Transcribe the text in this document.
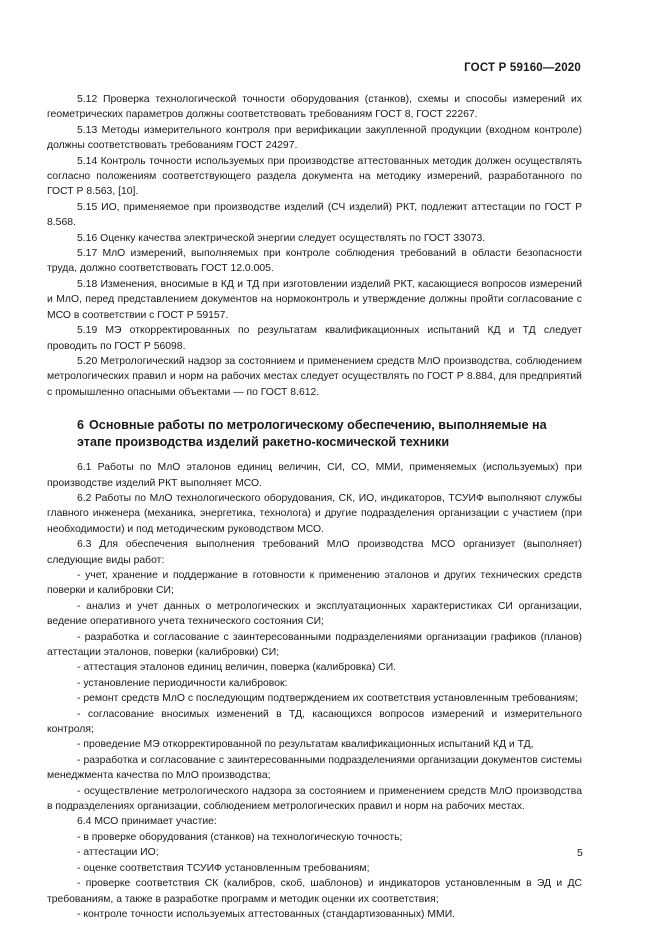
ГОСТ Р 59160—2020

5.12 Проверка технологической точности оборудования (станков), схемы и способы измерений их геометрических параметров должны соответствовать требованиям ГОСТ 8, ГОСТ 22267.

5.13 Методы измерительного контроля при верификации закупленной продукции (входном контроле) должны соответствовать требованиям ГОСТ 24297.

5.14 Контроль точности используемых при производстве аттестованных методик должен осуществлять согласно положениям соответствующего раздела документа на методику измерений, разработанного по ГОСТ Р 8.563, [10].

5.15 ИО, применяемое при производстве изделий (СЧ изделий) РКТ, подлежит аттестации по ГОСТ Р 8.568.

5.16 Оценку качества электрической энергии следует осуществлять по ГОСТ 33073.

5.17 МлО измерений, выполняемых при контроле соблюдения требований в области безопасности труда, должно соответствовать ГОСТ 12.0.005.

5.18 Изменения, вносимые в КД и ТД при изготовлении изделий РКТ, касающиеся вопросов измерений и МлО, перед представлением документов на нормоконтроль и утверждение должны пройти согласование с МСО в соответствии с ГОСТ Р 59157.

5.19 МЭ откорректированных по результатам квалификационных испытаний КД и ТД следует проводить по ГОСТ Р 56098.

5.20 Метрологический надзор за состоянием и применением средств МлО производства, соблюдением метрологических правил и норм на рабочих местах следует осуществлять по ГОСТ Р 8.884, для предприятий с промышленно опасными объектами — по ГОСТ 8.612.

6 Основные работы по метрологическому обеспечению, выполняемые на этапе производства изделий ракетно-космической техники

6.1 Работы по МлО эталонов единиц величин, СИ, СО, ММИ, применяемых (используемых) при производстве изделий РКТ выполняет МСО.

6.2 Работы по МлО технологического оборудования, СК, ИО, индикаторов, ТСУИФ выполняют службы главного инженера (механика, энергетика, технолога) и другие подразделения организации с участием (при необходимости) и под методическим руководством МСО.

6.3 Для обеспечения выполнения требований МлО производства МСО организует (выполняет) следующие виды работ:

- учет, хранение и поддержание в готовности к применению эталонов и других технических средств поверки и калибровки СИ;

- анализ и учет данных о метрологических и эксплуатационных характеристиках СИ организации, ведение оперативного учета технического состояния СИ;

- разработка и согласование с заинтересованными подразделениями организации графиков (планов) аттестации эталонов, поверки (калибровки) СИ;

- аттестация эталонов единиц величин, поверка (калибровка) СИ.

- установление периодичности калибровок:

- ремонт средств МлО с последующим подтверждением их соответствия установленным требованиям;

- согласование вносимых изменений в ТД, касающихся вопросов измерений и измерительного контроля;

- проведение МЭ откорректированной по результатам квалификационных испытаний КД и ТД,

- разработка и согласование с заинтересованными подразделениями организации документов системы менеджмента качества по МлО производства;

- осуществление метрологического надзора за состоянием и применением средств МлО производства в подразделениях организации, соблюдением метрологических правил и норм на рабочих местах.

6.4 МСО принимает участие:

- в проверке оборудования (станков) на технологическую точность;

- аттестации ИО;

- оценке соответствия ТСУИФ установленным требованиям;

- проверке соответствия СК (калибров, скоб, шаблонов) и индикаторов установленным в ЭД и ДС требованиям, а также в разработке программ и методик оценки их соответствия;

- контроле точности используемых аттестованных (стандартизованных) ММИ.

5
